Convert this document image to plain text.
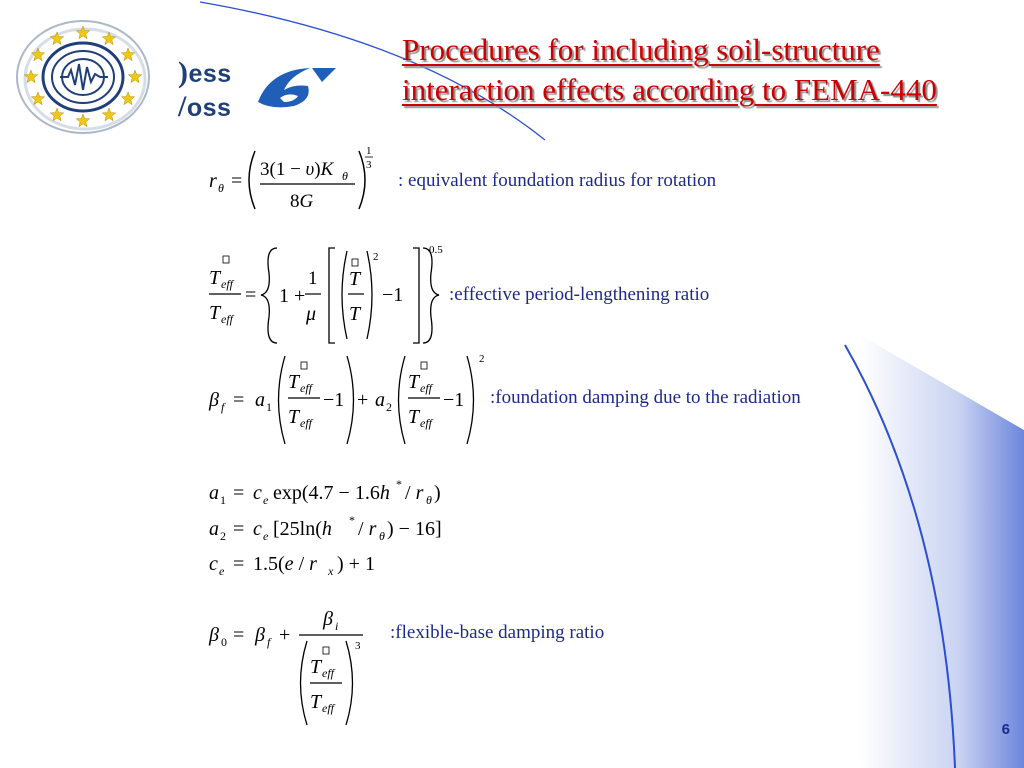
)ess
/oss
Procedures for including soil-structure interaction effects according to FEMA-440
r θ =
3(1 − υ)K θ
8G
1
3
: equivalent foundation radius for rotation
T eff
T eff
= 1 +
1
μ
T
T
2
−1
0.5
:effective period-lengthening ratio
β f = a 1
T eff
T eff
−1 + a 2
T eff
T eff
−1
2
:foundation damping due to the radiation
a 1 = c e exp(4.7 − 1.6h * / r θ )
a 2 = c e [25ln(h * / r θ ) − 16]
c e = 1.5(e / r x ) + 1
β 0 = β f +
β i
T eff
T eff
3
:flexible-base damping ratio
6
